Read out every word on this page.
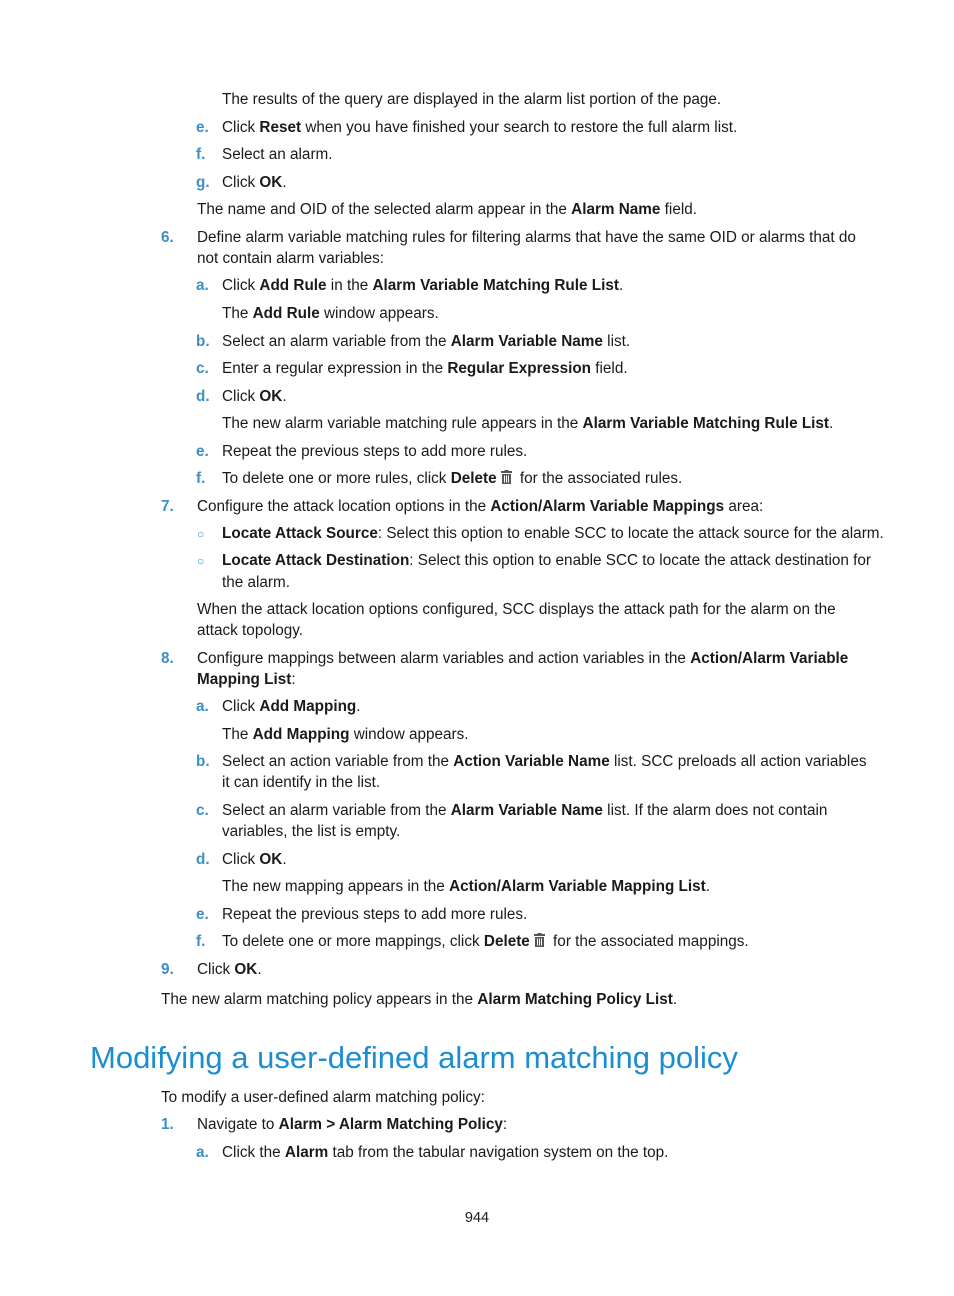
The results of the query are displayed in the alarm list portion of the page.

e. Click Reset when you have finished your search to restore the full alarm list.

f. Select an alarm.

g. Click OK.

The name and OID of the selected alarm appear in the Alarm Name field.

6. Define alarm variable matching rules for filtering alarms that have the same OID or alarms that do

not contain alarm variables:

a. Click Add Rule in the Alarm Variable Matching Rule List.

The Add Rule window appears.

b. Select an alarm variable from the Alarm Variable Name list.

c. Enter a regular expression in the Regular Expression field.

d. Click OK.

The new alarm variable matching rule appears in the Alarm Variable Matching Rule List.

e. Repeat the previous steps to add more rules.

f. To delete one or more rules, click Delete
for the associated rules.

7. Configure the attack location options in the Action/Alarm Variable Mappings area:

○ Locate Attack Source: Select this option to enable SCC to locate the attack source for the alarm.

○ Locate Attack Destination: Select this option to enable SCC to locate the attack destination for

the alarm.

When the attack location options configured, SCC displays the attack path for the alarm on the

attack topology.

8. Configure mappings between alarm variables and action variables in the Action/Alarm Variable

Mapping List:

a. Click Add Mapping.

The Add Mapping window appears.

b. Select an action variable from the Action Variable Name list. SCC preloads all action variables

it can identify in the list.

c. Select an alarm variable from the Alarm Variable Name list. If the alarm does not contain

variables, the list is empty.

d. Click OK.

The new mapping appears in the Action/Alarm Variable Mapping List.

e. Repeat the previous steps to add more rules.

f. To delete one or more mappings, click Delete
for the associated mappings.

9. Click OK.

The new alarm matching policy appears in the Alarm Matching Policy List.

To modify a user-defined alarm matching policy:

1. Navigate to Alarm > Alarm Matching Policy:

a. Click the Alarm tab from the tabular navigation system on the top.

Modifying a user-defined alarm matching policy

944
